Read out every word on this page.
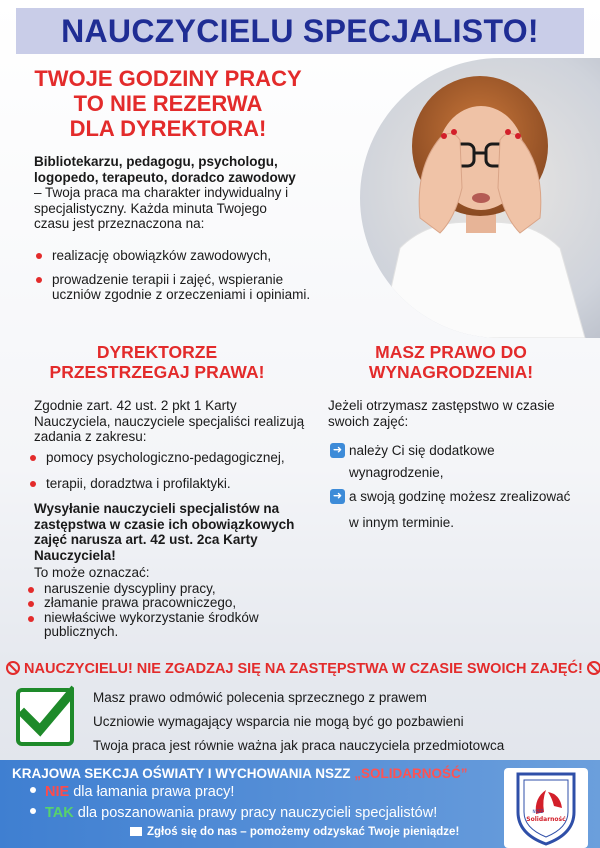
NAUCZYCIELU SPECJALISTO!
TWOJE GODZINY PRACY
TO NIE REZERWA
DLA DYREKTORA!
Bibliotekarzu, pedagogu, psychologu, logopedo, terapeuto, doradco zawodowy – Twoja praca ma charakter indywidualny i specjalistyczny. Każda minuta Twojego czasu jest przeznaczona na:
realizację obowiązków zawodowych,
prowadzenie terapii i zajęć, wspieranie uczniów zgodnie z orzeczeniami i opiniami.
DYREKTORZE
PRZESTRZEGAJ PRAWA!
MASZ PRAWO DO
WYNAGRODZENIA!
Zgodnie zart. 42 ust. 2 pkt 1 Karty Nauczyciela, nauczyciele specjaliści realizują zadania z zakresu:
pomocy psychologiczno-pedagogicznej,
terapii, doradztwa i profilaktyki.
Wysyłanie nauczycieli specjalistów na zastępstwa w czasie ich obowiązkowych zajęć narusza art. 42 ust. 2ca Karty Nauczyciela!
To może oznaczać:
naruszenie dyscypliny pracy,
złamanie prawa pracowniczego,
niewłaściwe wykorzystanie środków publicznych.
Jeżeli otrzymasz zastępstwo w czasie swoich zajęć:
➜ należy Ci się dodatkowe
wynagrodzenie,
➜ a swoją godzinę możesz zrealizować
w innym terminie.
NAUCZYCIELU! NIE ZGADZAJ SIĘ NA ZASTĘPSTWA W CZASIE SWOICH ZAJĘĆ!
Masz prawo odmówić polecenia sprzecznego z prawem
Uczniowie wymagający wsparcia nie mogą być go pozbawieni
Twoja praca jest równie ważna jak praca nauczyciela przedmiotowca
KRAJOWA SEKCJA OŚWIATY I WYCHOWANIA NSZZ „SOLIDARNOŚĆ”
NIE dla łamania prawa pracy!
TAK dla poszanowania prawy pracy nauczycieli specjalistów!
Zgłoś się do nas – pomożemy odzyskać Twoje pieniądze!
Solidarność
NSZZ
